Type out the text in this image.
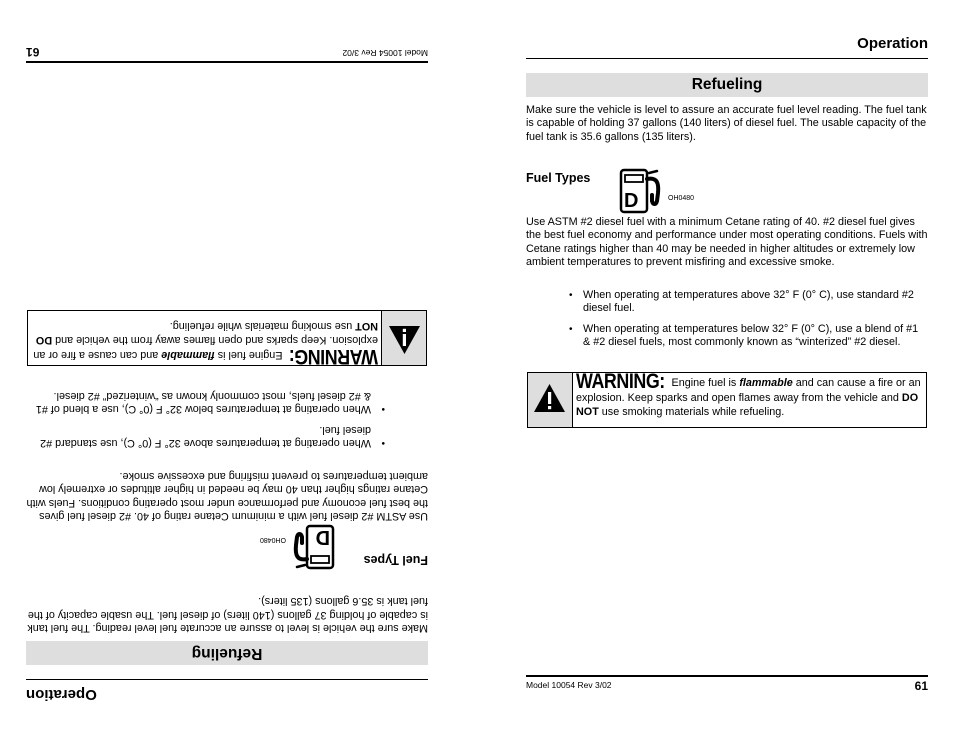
Operation
Refueling
Make sure the vehicle is level to assure an accurate fuel level reading. The fuel tank is capable of holding 37 gallons (140 liters) of diesel fuel. The usable capacity of the fuel tank is 35.6 gallons (135 liters).
Fuel Types
D	OH0480
Use ASTM #2 diesel fuel with a minimum Cetane rating of 40. #2 diesel fuel gives the best fuel economy and performance under most operating conditions. Fuels with Cetane ratings higher than 40 may be needed in higher altitudes or extremely low ambient temperatures to prevent misfiring and excessive smoke.
• When operating at temperatures above 32° F (0° C), use standard #2 diesel fuel.
• When operating at temperatures below 32° F (0° C), use a blend of #1 & #2 diesel fuels, most commonly known as “winterized” #2 diesel.
WARNING: Engine fuel is flammable and can cause a fire or an explosion. Keep sparks and open flames away from the vehicle and DO NOT use smoking materials while refueling.
Model 10054 Rev 3/02	61
Operation
Refueling
Make sure the vehicle is level to assure an accurate fuel level reading. The fuel tank is capable of holding 37 gallons (140 liters) of diesel fuel. The usable capacity of the fuel tank is 35.6 gallons (135 liters).
Fuel Types
D
OH0480
Use ASTM #2 diesel fuel with a minimum Cetane rating of 40. #2 diesel fuel gives the best fuel economy and performance under most operating conditions. Fuels with Cetane ratings higher than 40 may be needed in higher altitudes or extremely low ambient temperatures to prevent misfiring and excessive smoke.
•
When operating at temperatures above 32° F (0° C), use standard #2 diesel fuel.
•
When operating at temperatures below 32° F (0° C), use a blend of #1 & #2 diesel fuels, most commonly known as “winterized” #2 diesel.
WARNING: Engine fuel is flammable and can cause a fire or an explosion. Keep sparks and open flames away from the vehicle and DO NOT use smoking materials while refueling.
Model 10054 Rev 3/02
61
